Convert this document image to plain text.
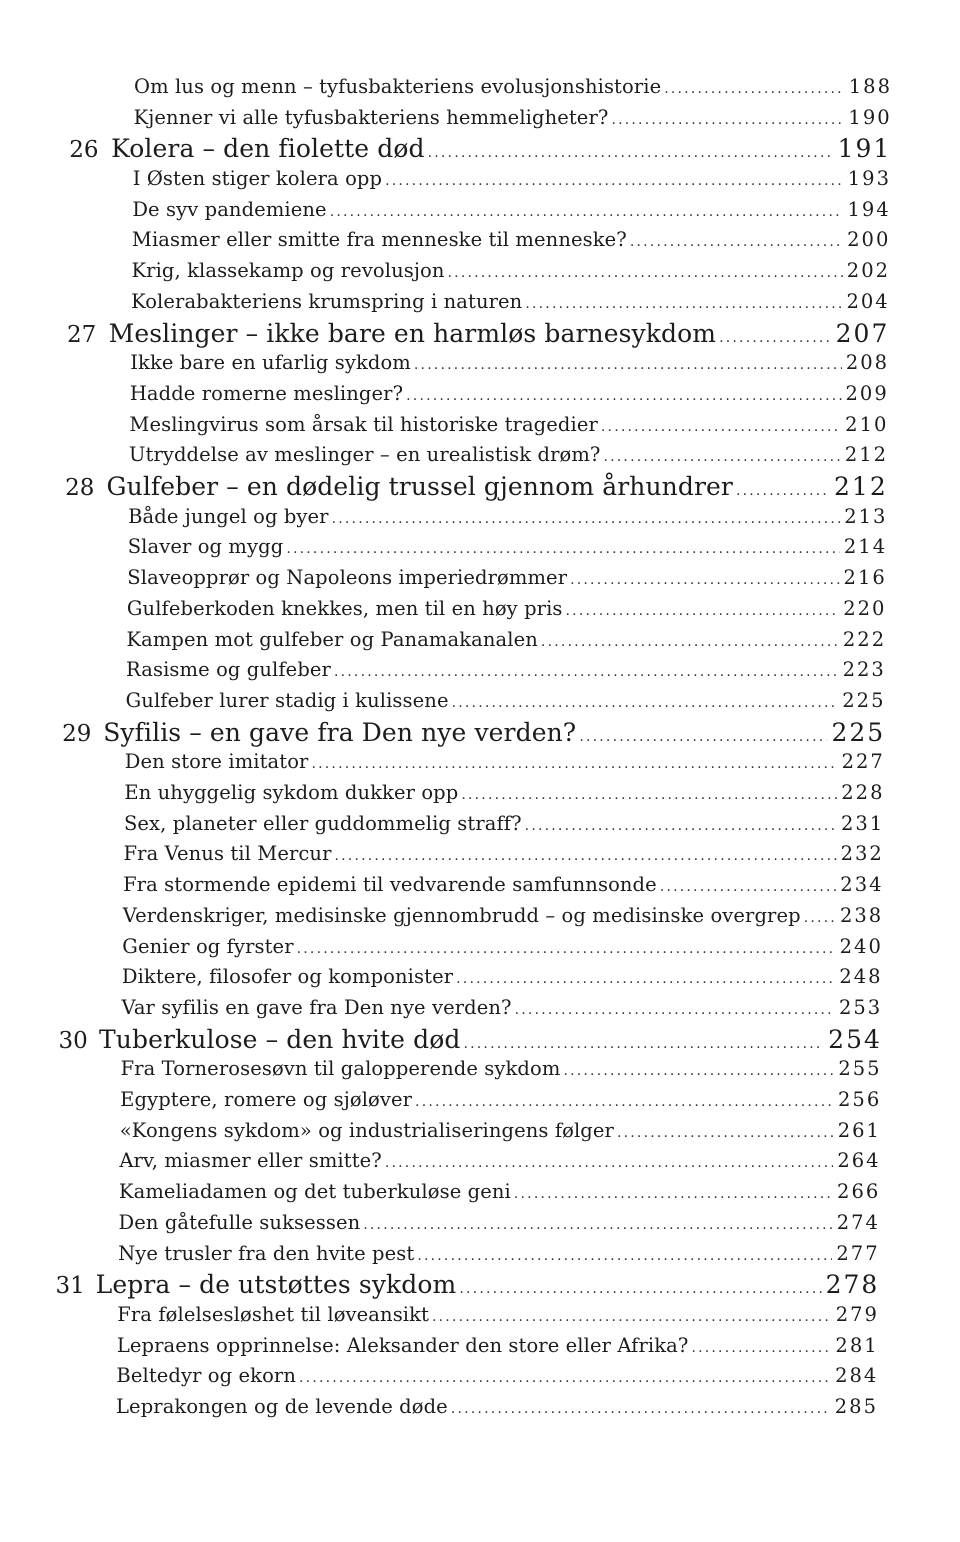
Om lus og menn – tyfusbakteriens evolusjonshistorie .....	188
Kjenner vi alle tyfusbakteriens hemmeligheter? .....	190
26 Kolera – den fiolette død .....	191
I Østen stiger kolera opp .....	193
De syv pandemiene .....	194
Miasmer eller smitte fra menneske til menneske? .....	200
Krig, klassekamp og revolusjon .....	202
Kolerabakteriens krumspring i naturen .....	204
27 Meslinger – ikke bare en harmløs barnesykdom .....	207
Ikke bare en ufarlig sykdom .....	208
Hadde romerne meslinger? .....	209
Meslingvirus som årsak til historiske tragedier .....	210
Utryddelse av meslinger – en urealistisk drøm? .....	212
28 Gulfeber – en dødelig trussel gjennom århundrer .....	212
Både jungel og byer .....	213
Slaver og mygg .....	214
Slaveopprør og Napoleons imperiedrømmer .....	216
Gulfeberkoden knekkes, men til en høy pris .....	220
Kampen mot gulfeber og Panamakanalen .....	222
Rasisme og gulfeber .....	223
Gulfeber lurer stadig i kulissene .....	225
29 Syfilis – en gave fra Den nye verden? .....	225
Den store imitator .....	227
En uhyggelig sykdom dukker opp .....	228
Sex, planeter eller guddommelig straff? .....	231
Fra Venus til Mercur .....	232
Fra stormende epidemi til vedvarende samfunnsonde .....	234
Verdenskriger, medisinske gjennombrudd – og medisinske overgrep ..... 238
Genier og fyrster .....	240
Diktere, filosofer og komponister .....	248
Var syfilis en gave fra Den nye verden? .....	253
30 Tuberkulose – den hvite død .....	254
Fra Tornerosesøvn til galopperende sykdom .....	255
Egyptere, romere og sjøløver .....	256
«Kongens sykdom» og industrialiseringens følger .....	261
Arv, miasmer eller smitte? .....	264
Kameliadamen og det tuberkuløse geni .....	266
Den gåtefulle suksessen .....	274
Nye trusler fra den hvite pest .....	277
31 Lepra – de utstøttes sykdom .....	278
Fra følelsesløshet til løveansikt .....	279
Lepraens opprinnelse: Aleksander den store eller Afrika? .....	281
Beltedyr og ekorn .....	284
Leprakongen og de levende døde .....	285
